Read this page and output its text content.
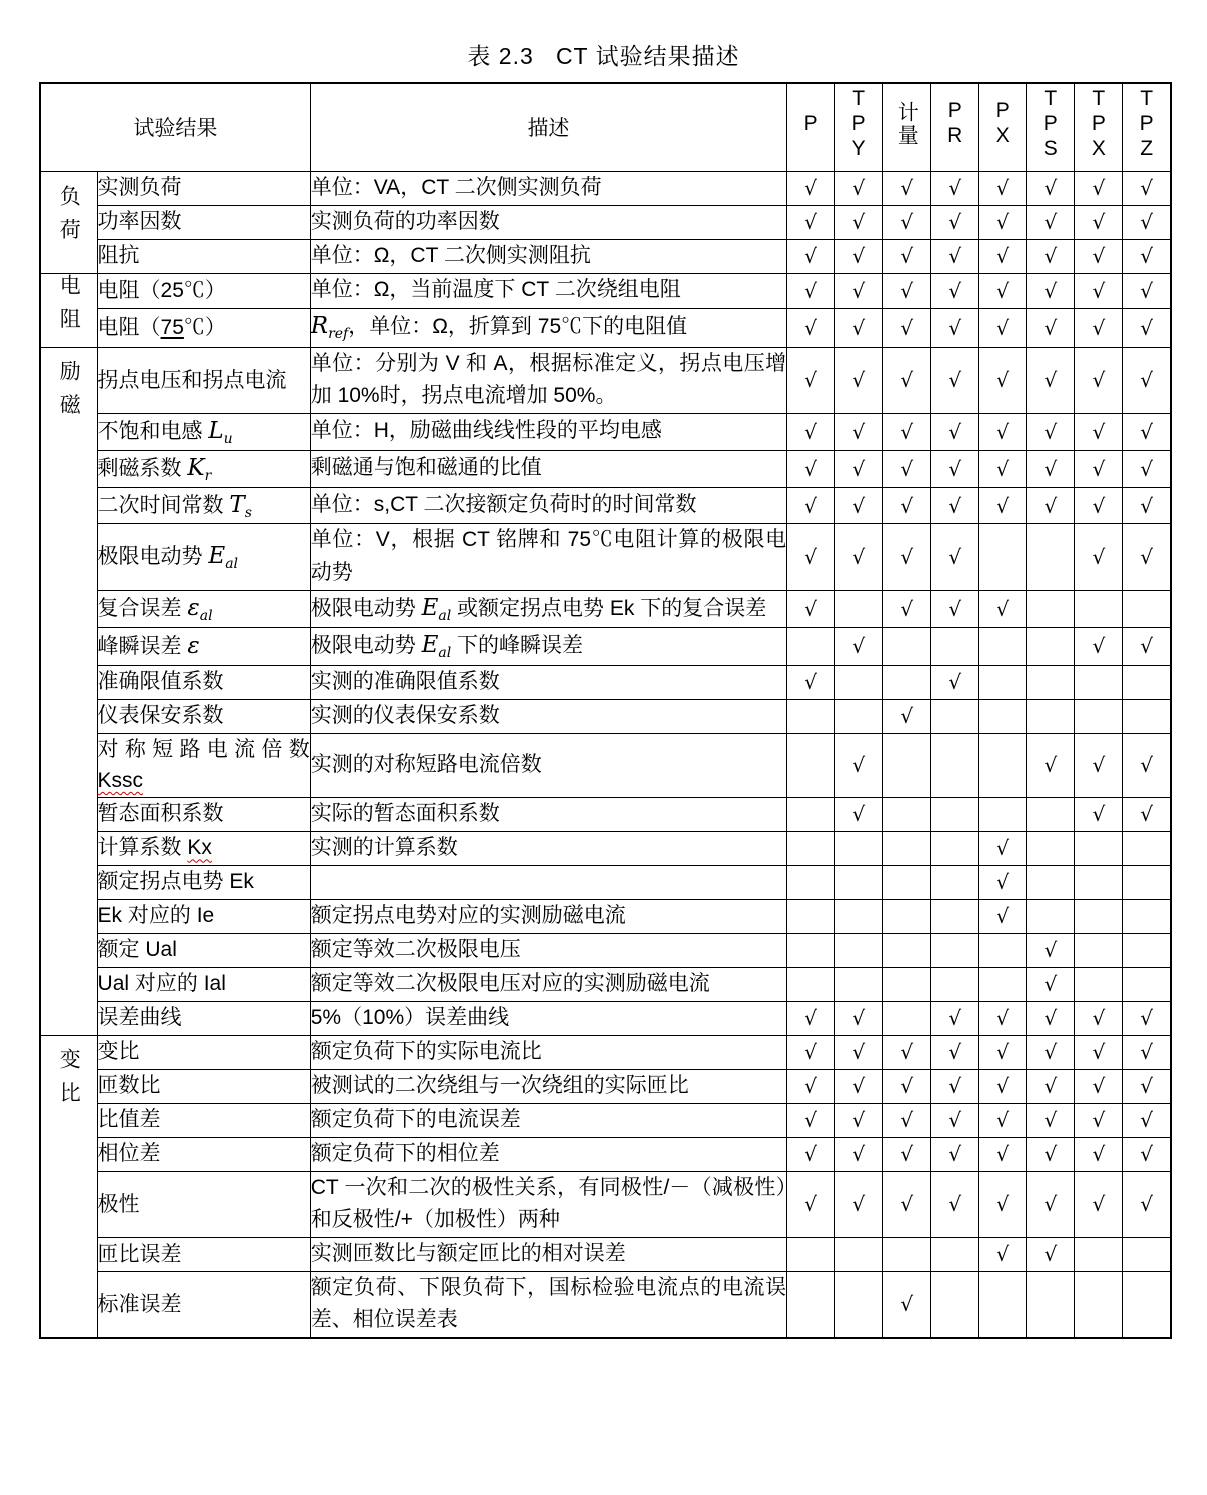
表 2.3   CT 试验结果描述
试验结果		描述	P	TPY	计量	PR	PX	TPS	TPX	TPZ
负荷	实测负荷	单位：VA，CT 二次侧实测负荷	√	√	√	√	√	√	√	√
	功率因数	实测负荷的功率因数	√	√	√	√	√	√	√	√
	阻抗	单位：Ω，CT 二次侧实测阻抗	√	√	√	√	√	√	√	√
电阻	电阻（25℃）	单位：Ω，当前温度下 CT 二次绕组电阻	√	√	√	√	√	√	√	√
	电阻（75℃）	$R_{ref}$，单位：Ω，折算到 75℃下的电阻值	√	√	√	√	√	√	√	√
励磁	拐点电压和拐点电流	单位：分别为 V 和 A，根据标准定义，拐点电压增加 10%时，拐点电流增加 50%。	√	√	√	√	√	√	√	√
	不饱和电感 $L_u$	单位：H，励磁曲线线性段的平均电感	√	√	√	√	√	√	√	√
	剩磁系数 $K_r$	剩磁通与饱和磁通的比值	√	√	√	√	√	√	√	√
	二次时间常数 $T_s$	单位：s,CT 二次接额定负荷时的时间常数	√	√	√	√	√	√	√	√
	极限电动势 $E_{al}$	单位：V，根据 CT 铭牌和 75℃电阻计算的极限电动势	√	√	√	√			√	√
	复合误差 $\varepsilon_{al}$	极限电动势 $E_{al}$ 或额定拐点电势 Ek 下的复合误差	√		√	√	√			
	峰瞬误差 ε	极限电动势 $E_{al}$ 下的峰瞬误差		√					√	√
	准确限值系数	实测的准确限值系数	√			√				
	仪表保安系数	实测的仪表保安系数			√					
	对称短路电流倍数 Kssc	实测的对称短路电流倍数		√				√	√	√
	暂态面积系数	实际的暂态面积系数		√					√	√
	计算系数 Kx	实测的计算系数					√			
	额定拐点电势 Ek						√			
	Ek 对应的 Ie	额定拐点电势对应的实测励磁电流					√			
	额定 Ual	额定等效二次极限电压						√		
	Ual 对应的 Ial	额定等效二次极限电压对应的实测励磁电流						√		
	误差曲线	5%（10%）误差曲线	√	√		√	√	√	√	√
变比	变比	额定负荷下的实际电流比	√	√	√	√	√	√	√	√
	匝数比	被测试的二次绕组与一次绕组的实际匝比	√	√	√	√	√	√	√	√
	比值差	额定负荷下的电流误差	√	√	√	√	√	√	√	√
	相位差	额定负荷下的相位差	√	√	√	√	√	√	√	√
	极性	CT 一次和二次的极性关系，有同极性/－（减极性）和反极性/+（加极性）两种	√	√	√	√	√	√	√	√
	匝比误差	实测匝数比与额定匝比的相对误差					√	√		
	标准误差	额定负荷、下限负荷下，国标检验电流点的电流误差、相位误差表			√					
